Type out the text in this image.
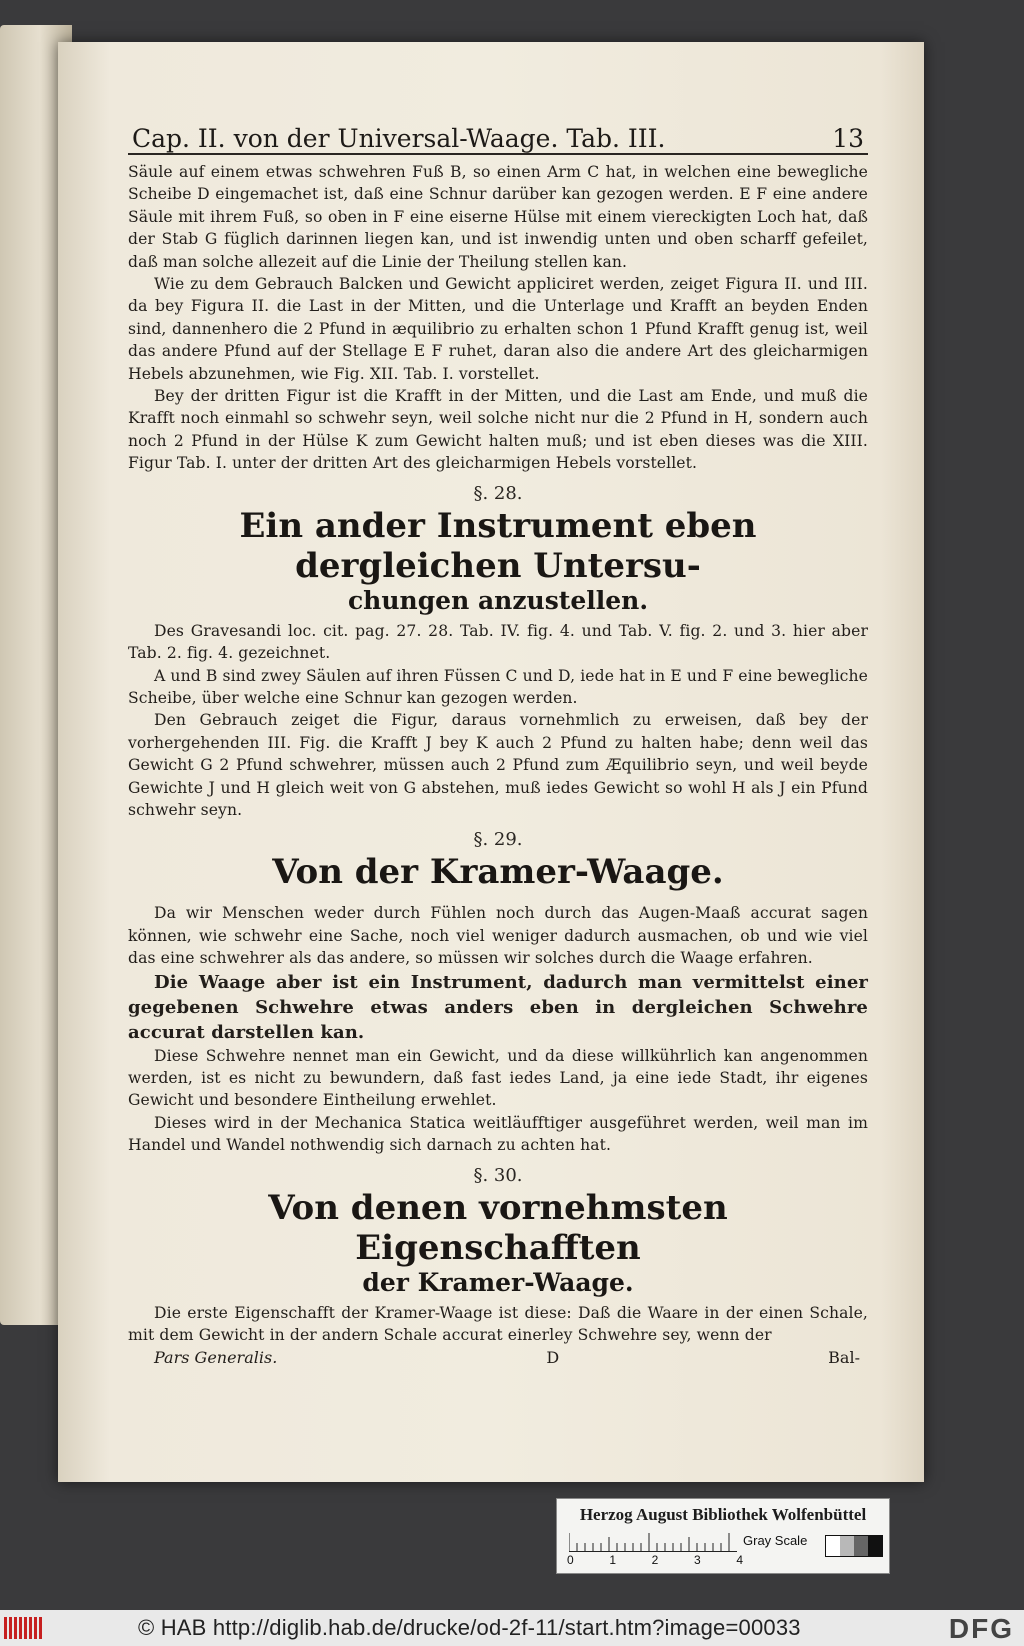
Cap. II. von der Universal-Waage. Tab. III.	13

Säule auf einem etwas schwehren Fuß B, so einen Arm C hat, in welchen eine bewegliche Scheibe D eingemachet ist, daß eine Schnur darüber kan gezogen werden. E F eine andere Säule mit ihrem Fuß, so oben in F eine eiserne Hülse mit einem viereckigten Loch hat, daß der Stab G füglich darinnen liegen kan, und ist inwendig unten und oben scharff gefeilet, daß man solche allezeit auf die Linie der Theilung stellen kan.

Wie zu dem Gebrauch Balcken und Gewicht appliciret werden, zeiget Figura II. und III. da bey Figura II. die Last in der Mitten, und die Unterlage und Krafft an beyden Enden sind, dannenhero die 2 Pfund in æquilibrio zu erhalten schon 1 Pfund Krafft genug ist, weil das andere Pfund auf der Stellage E F ruhet, daran also die andere Art des gleicharmigen Hebels abzunehmen, wie Fig. XII. Tab. I. vorstellet.

Bey der dritten Figur ist die Krafft in der Mitten, und die Last am Ende, und muß die Krafft noch einmahl so schwehr seyn, weil solche nicht nur die 2 Pfund in H, sondern auch noch 2 Pfund in der Hülse K zum Gewicht halten muß; und ist eben dieses was die XIII. Figur Tab. I. unter der dritten Art des gleicharmigen Hebels vorstellet.

§. 28.
Ein ander Instrument eben dergleichen Untersu-
chungen anzustellen.

Des Gravesandi loc. cit. pag. 27. 28. Tab. IV. fig. 4. und Tab. V. fig. 2. und 3. hier aber Tab. 2. fig. 4. gezeichnet.

A und B sind zwey Säulen auf ihren Füssen C und D, iede hat in E und F eine bewegliche Scheibe, über welche eine Schnur kan gezogen werden.

Den Gebrauch zeiget die Figur, daraus vornehmlich zu erweisen, daß bey der vorhergehenden III. Fig. die Krafft J bey K auch 2 Pfund zu halten habe; denn weil das Gewicht G 2 Pfund schwehrer, müssen auch 2 Pfund zum Æquilibrio seyn, und weil beyde Gewichte J und H gleich weit von G abstehen, muß iedes Gewicht so wohl H als J ein Pfund schwehr seyn.

§. 29.
Von der Kramer-Waage.

Da wir Menschen weder durch Fühlen noch durch das Augen-Maaß accurat sagen können, wie schwehr eine Sache, noch viel weniger dadurch ausmachen, ob und wie viel das eine schwehrer als das andere, so müssen wir solches durch die Waage erfahren.

Die Waage aber ist ein Instrument, dadurch man vermittelst einer gegebenen Schwehre etwas anders eben in dergleichen Schwehre accurat darstellen kan.

Diese Schwehre nennet man ein Gewicht, und da diese willkührlich kan angenommen werden, ist es nicht zu bewundern, daß fast iedes Land, ja eine iede Stadt, ihr eigenes Gewicht und besondere Eintheilung erwehlet.

Dieses wird in der Mechanica Statica weitläufftiger ausgeführet werden, weil man im Handel und Wandel nothwendig sich darnach zu achten hat.

§. 30.
Von denen vornehmsten Eigenschafften
der Kramer-Waage.

Die erste Eigenschafft der Kramer-Waage ist diese: Daß die Waare in der einen Schale, mit dem Gewicht in der andern Schale accurat einerley Schwehre sey, wenn der

Pars Generalis.	D	Bal-
Herzog August Bibliothek Wolfenbüttel
0	1	2	3	4
Gray Scale
© HAB http://diglib.hab.de/drucke/od-2f-11/start.htm?image=00033	DFG
